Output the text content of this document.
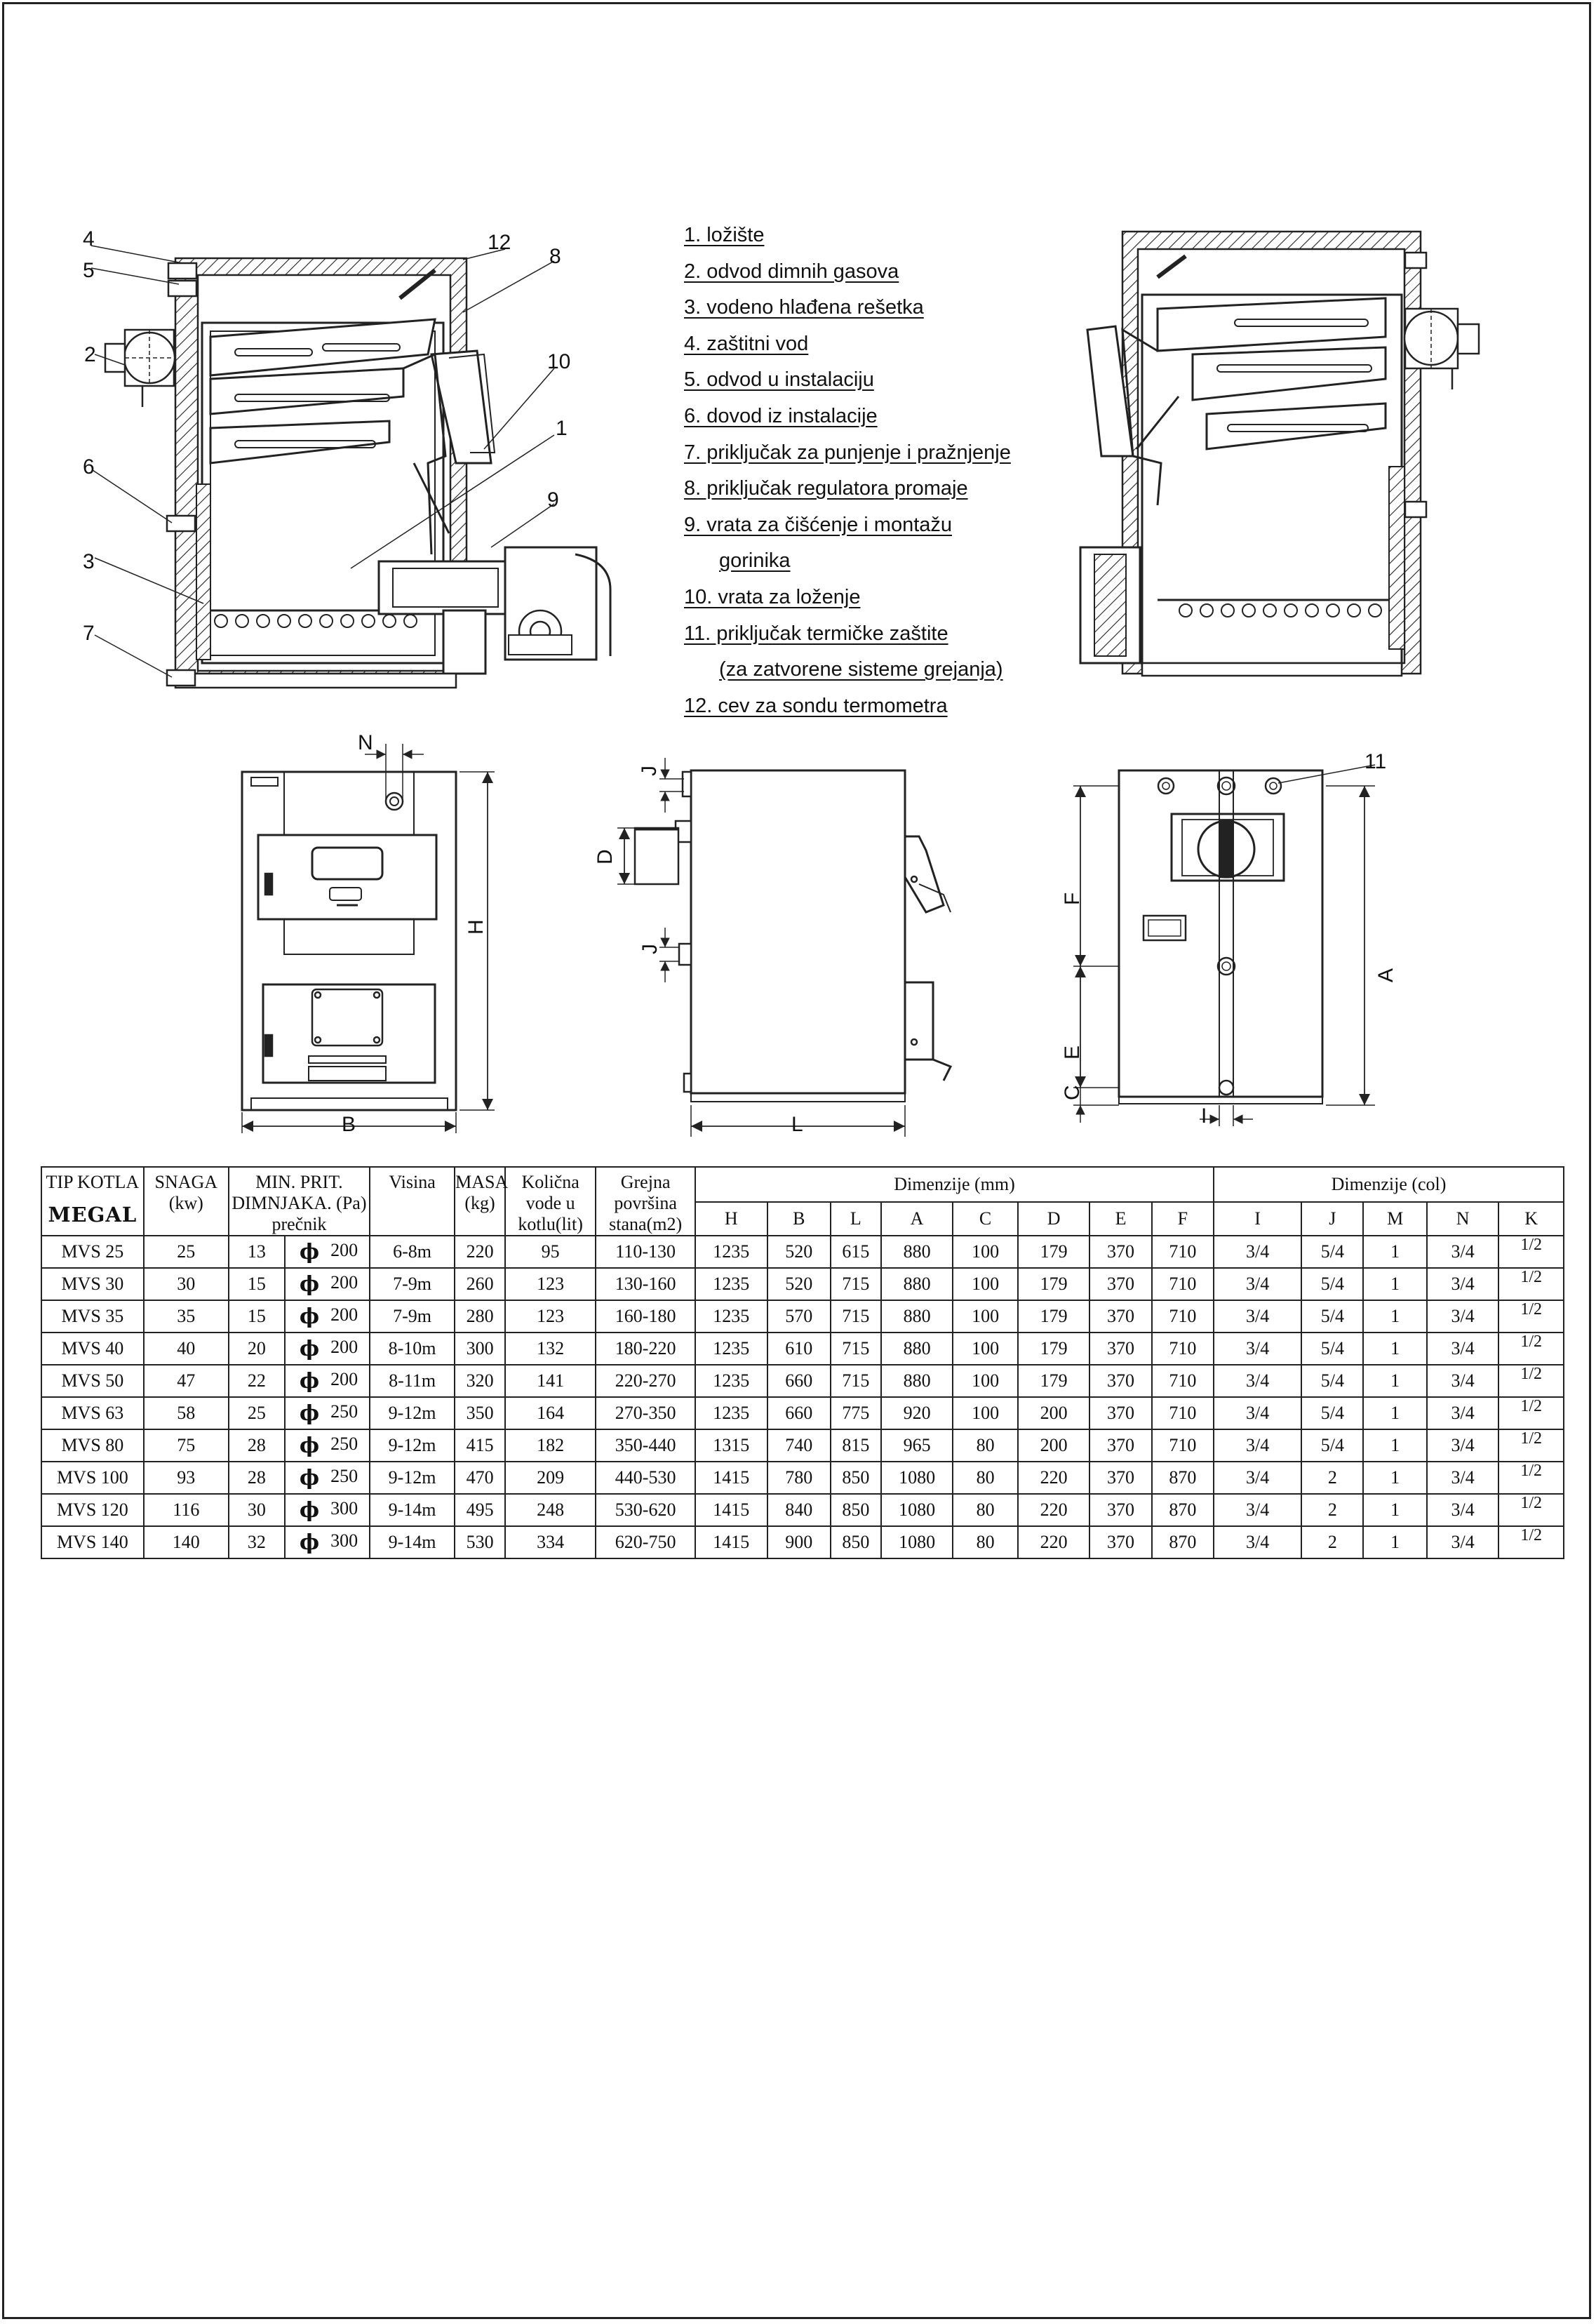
4
5
2
6
3
7
12
8
10
1
9
11
N
H
B
J
D
J
L
F
A
E
C
I
1. ložište
2. odvod dimnih gasova
3. vodeno hlađena rešetka
4. zaštitni vod
5. odvod u instalaciju
6. dovod iz instalacije
7. priključak za punjenje i pražnjenje
8. priključak regulatora promaje
9. vrata za čišćenje i montažu
gorinika
10. vrata za loženje
11. priključak termičke zaštite
(za zatvorene sisteme grejanja)
12. cev za sondu termometra
TIP KOTLA
MEGAL	SNAGA (kw)	MIN. PRIT. DIMNJAKA. (Pa) prečnik		Visina	MASA (kg)	Količna vode u kotlu(lit)	Grejna površina stana(m2)	Dimenzije (mm)								Dimenzije (col)				
								H	B	L	A	C	D	E	F	I	J	M	N	K
MVS 25	25	13	ϕ 200	6-8m	220	95	110-130	1235	520	615	880	100	179	370	710	3/4	5/4	1	3/4	1/2
MVS 30	30	15	ϕ 200	7-9m	260	123	130-160	1235	520	715	880	100	179	370	710	3/4	5/4	1	3/4	1/2
MVS 35	35	15	ϕ 200	7-9m	280	123	160-180	1235	570	715	880	100	179	370	710	3/4	5/4	1	3/4	1/2
MVS 40	40	20	ϕ 200	8-10m	300	132	180-220	1235	610	715	880	100	179	370	710	3/4	5/4	1	3/4	1/2
MVS 50	47	22	ϕ 200	8-11m	320	141	220-270	1235	660	715	880	100	179	370	710	3/4	5/4	1	3/4	1/2
MVS 63	58	25	ϕ 250	9-12m	350	164	270-350	1235	660	775	920	100	200	370	710	3/4	5/4	1	3/4	1/2
MVS 80	75	28	ϕ 250	9-12m	415	182	350-440	1315	740	815	965	80	200	370	710	3/4	5/4	1	3/4	1/2
MVS 100	93	28	ϕ 250	9-12m	470	209	440-530	1415	780	850	1080	80	220	370	870	3/4	2	1	3/4	1/2
MVS 120	116	30	ϕ 300	9-14m	495	248	530-620	1415	840	850	1080	80	220	370	870	3/4	2	1	3/4	1/2
MVS 140	140	32	ϕ 300	9-14m	530	334	620-750	1415	900	850	1080	80	220	370	870	3/4	2	1	3/4	1/2
